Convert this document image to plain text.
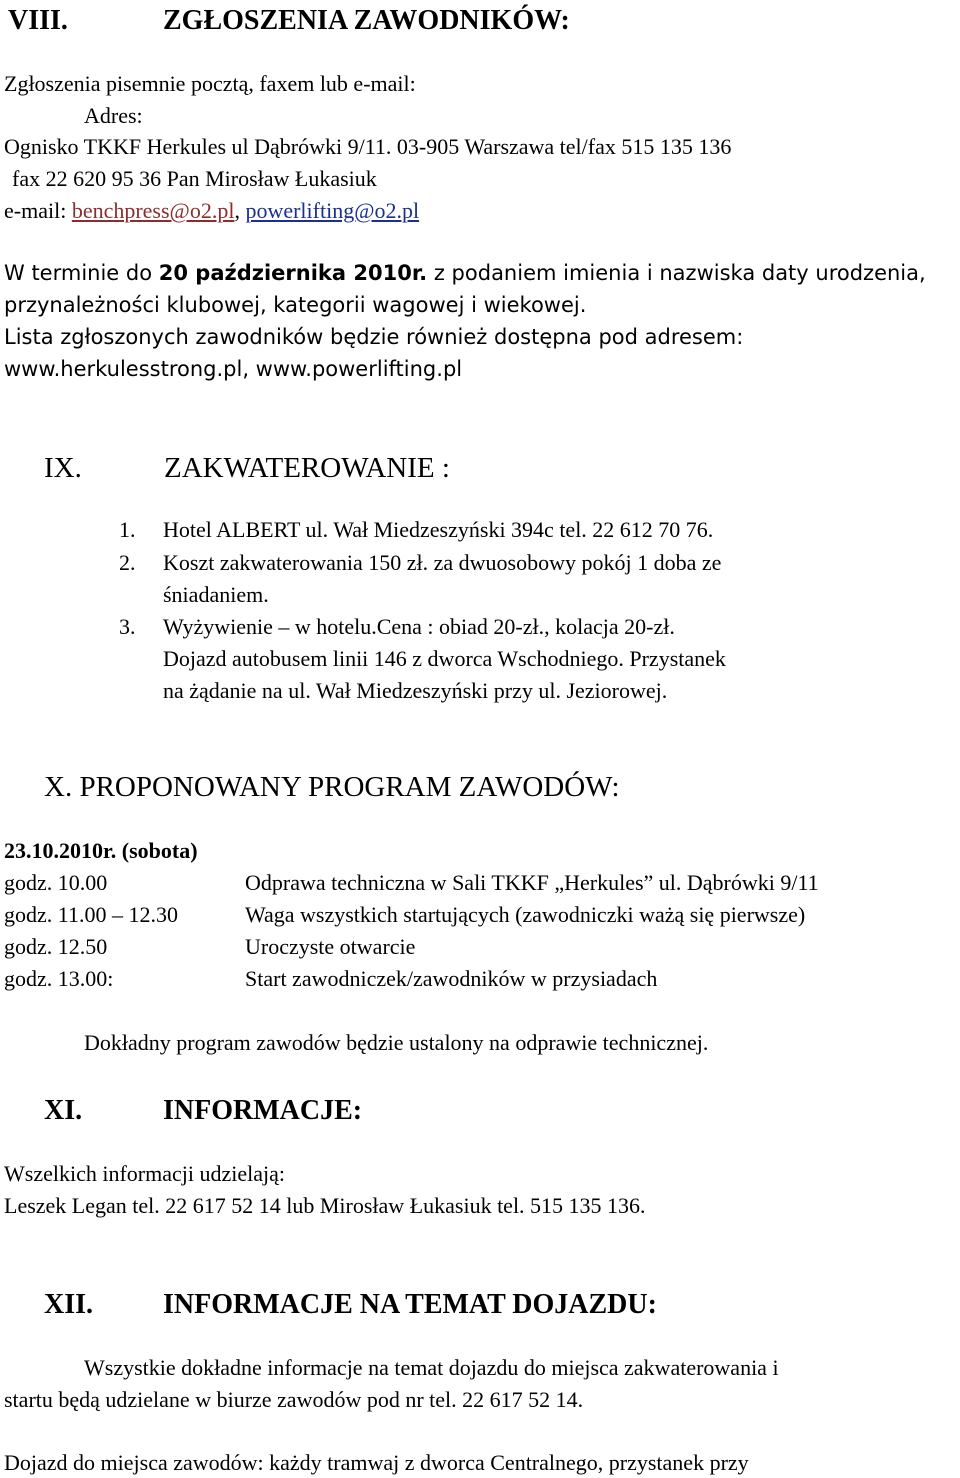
VIII.	ZGŁOSZENIA ZAWODNIKÓW:
Zgłoszenia pisemnie pocztą, faxem lub e-mail:
Adres:
Ognisko TKKF Herkules ul Dąbrówki 9/11. 03-905 Warszawa tel/fax 515 135 136
fax 22 620 95 36 Pan Mirosław Łukasiuk
e-mail: benchpress@o2.pl, powerlifting@o2.pl
W terminie do 20 października 2010r. z podaniem imienia i nazwiska daty urodzenia,
przynależności klubowej, kategorii wagowej i wiekowej.
Lista zgłoszonych zawodników będzie również dostępna pod adresem:
www.herkulesstrong.pl, www.powerlifting.pl
IX.	ZAKWATEROWANIE :
1. Hotel ALBERT ul. Wał Miedzeszyński 394c tel. 22 612 70 76.
2. Koszt zakwaterowania 150 zł. za dwuosobowy pokój 1 doba ze
śniadaniem.
3. Wyżywienie – w hotelu.Cena : obiad 20-zł., kolacja 20-zł.
Dojazd autobusem linii 146 z dworca Wschodniego. Przystanek
na żądanie na ul. Wał Miedzeszyński przy ul. Jeziorowej.
X. PROPONOWANY PROGRAM ZAWODÓW:
23.10.2010r. (sobota)
godz. 10.00	Odprawa techniczna w Sali TKKF „Herkules” ul. Dąbrówki 9/11
godz. 11.00 – 12.30	Waga wszystkich startujących (zawodniczki ważą się pierwsze)
godz. 12.50	Uroczyste otwarcie
godz. 13.00:	Start zawodniczek/zawodników w przysiadach
Dokładny program zawodów będzie ustalony na odprawie technicznej.
XI.	INFORMACJE:
Wszelkich informacji udzielają:
Leszek Legan tel. 22 617 52 14 lub Mirosław Łukasiuk tel. 515 135 136.
XII. INFORMACJE NA TEMAT DOJAZDU:
Wszystkie dokładne informacje na temat dojazdu do miejsca zakwaterowania i
startu będą udzielane w biurze zawodów pod nr tel. 22 617 52 14.
Dojazd do miejsca zawodów: każdy tramwaj z dworca Centralnego, przystanek przy
